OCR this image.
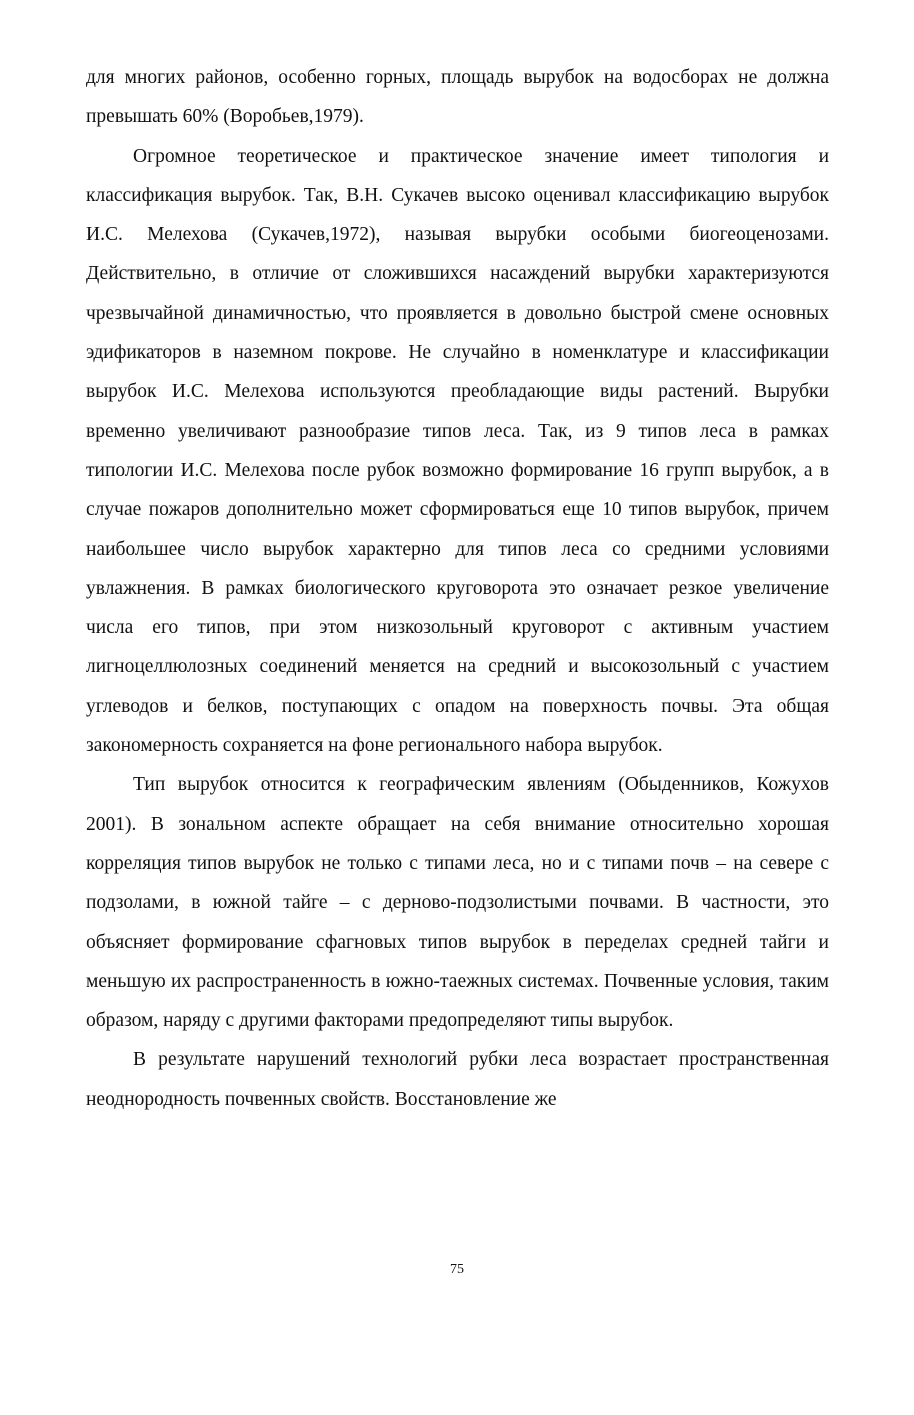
для многих районов, особенно горных, площадь вырубок на водосборах не должна превышать 60% (Воробьев,1979).

Огромное теоретическое и практическое значение имеет типология и классификация вырубок. Так, В.Н. Сукачев высоко оценивал классификацию вырубок И.С. Мелехова (Сукачев,1972), называя вырубки особыми биогеоценозами. Действительно, в отличие от сложившихся насаждений вырубки характеризуются чрезвычайной динамичностью, что проявляется в довольно быстрой смене основных эдификаторов в наземном покрове. Не случайно в номенклатуре и классификации вырубок И.С. Мелехова используются преобладающие виды растений. Вырубки временно увеличивают разнообразие типов леса. Так, из 9 типов леса в рамках типологии И.С. Мелехова после рубок возможно формирование 16 групп вырубок, а в случае пожаров дополнительно может сформироваться еще 10 типов вырубок, причем наибольшее число вырубок характерно для типов леса со средними условиями увлажнения. В рамках биологического круговорота это означает резкое увеличение числа его типов, при этом низкозольный круговорот с активным участием лигноцеллюлозных соединений меняется на средний и высокозольный с участием углеводов и белков, поступающих с опадом на поверхность почвы. Эта общая закономерность сохраняется на фоне регионального набора вырубок.

Тип вырубок относится к географическим явлениям (Обыденников, Кожухов 2001). В зональном аспекте обращает на себя внимание относительно хорошая корреляция типов вырубок не только с типами леса, но и с типами почв – на севере с подзолами, в южной тайге – с дерново-подзолистыми почвами. В частности, это объясняет формирование сфагновых типов вырубок в переделах средней тайги и меньшую их распространенность в южно-таежных системах. Почвенные условия, таким образом, наряду с другими факторами предопределяют типы вырубок.

В результате нарушений технологий рубки леса возрастает пространственная неоднородность почвенных свойств. Восстановление же

75
